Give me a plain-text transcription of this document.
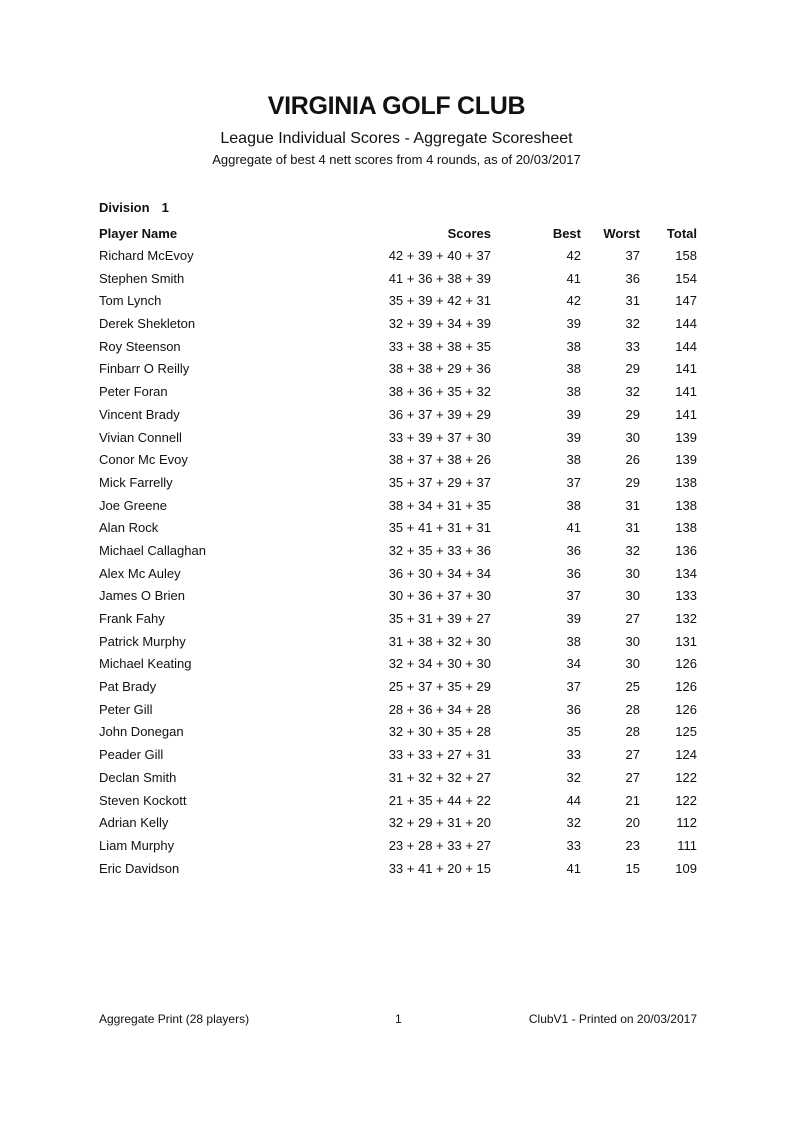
VIRGINIA GOLF CLUB
League Individual Scores - Aggregate Scoresheet
Aggregate of best 4 nett scores from 4 rounds, as of 20/03/2017
Division 1
Player Name	Scores	Best Worst Total
Richard McEvoy	42 + 39 + 40 + 37	42	37	158
Stephen Smith	41 + 36 + 38 + 39	41	36	154
Tom Lynch	35 + 39 + 42 + 31	42	31	147
Derek Shekleton	32 + 39 + 34 + 39	39	32	144
Roy Steenson	33 + 38 + 38 + 35	38	33	144
Finbarr O Reilly	38 + 38 + 29 + 36	38	29	141
Peter Foran	38 + 36 + 35 + 32	38	32	141
Vincent Brady	36 + 37 + 39 + 29	39	29	141
Vivian Connell	33 + 39 + 37 + 30	39	30	139
Conor Mc Evoy	38 + 37 + 38 + 26	38	26	139
Mick Farrelly	35 + 37 + 29 + 37	37	29	138
Joe Greene	38 + 34 + 31 + 35	38	31	138
Alan Rock	35 + 41 + 31 + 31	41	31	138
Michael Callaghan	32 + 35 + 33 + 36	36	32	136
Alex Mc Auley	36 + 30 + 34 + 34	36	30	134
James O Brien	30 + 36 + 37 + 30	37	30	133
Frank Fahy	35 + 31 + 39 + 27	39	27	132
Patrick Murphy	31 + 38 + 32 + 30	38	30	131
Michael Keating	32 + 34 + 30 + 30	34	30	126
Pat Brady	25 + 37 + 35 + 29	37	25	126
Peter Gill	28 + 36 + 34 + 28	36	28	126
John Donegan	32 + 30 + 35 + 28	35	28	125
Peader Gill	33 + 33 + 27 + 31	33	27	124
Declan Smith	31 + 32 + 32 + 27	32	27	122
Steven Kockott	21 + 35 + 44 + 22	44	21	122
Adrian Kelly	32 + 29 + 31 + 20	32	20	112
Liam Murphy	23 + 28 + 33 + 27	33	23	111
Eric Davidson	33 + 41 + 20 + 15	41	15	109
Aggregate Print (28 players)	1	ClubV1 - Printed on 20/03/2017
